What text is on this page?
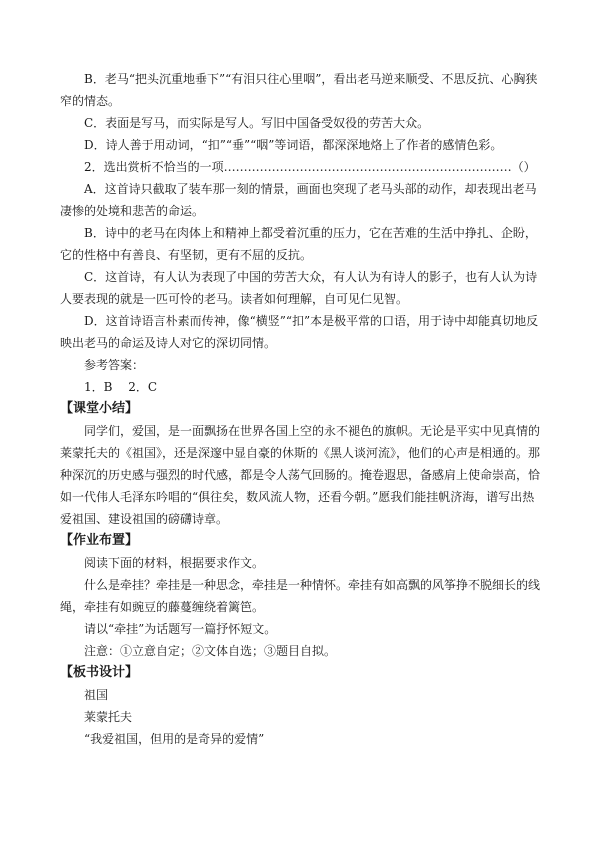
B．老马“把头沉重地垂下”“有泪只往心里咽”，看出老马逆来顺受、不思反抗、心胸狭窄的情态。

C．表面是写马，而实际是写人。写旧中国备受奴役的劳苦大众。

D．诗人善于用动词，“扣”“垂”“咽”等词语，都深深地烙上了作者的感情色彩。

2．选出赏析不恰当的一项………………………………………………………………（）

A．这首诗只截取了装车那一刻的情景，画面也突现了老马头部的动作，却表现出老马凄惨的处境和悲苦的命运。

B．诗中的老马在肉体上和精神上都受着沉重的压力，它在苦难的生活中挣扎、企盼，它的性格中有善良、有坚韧，更有不屈的反抗。

C．这首诗，有人认为表现了中国的劳苦大众，有人认为有诗人的影子，也有人认为诗人要表现的就是一匹可怜的老马。读者如何理解，自可见仁见智。

D．这首诗语言朴素而传神，像“横竖”“扣”本是极平常的口语，用于诗中却能真切地反映出老马的命运及诗人对它的深切同情。

参考答案：

1．B　 2．C

【课堂小结】

同学们，爱国，是一面飘扬在世界各国上空的永不褪色的旗帜。无论是平实中见真情的莱蒙托夫的《祖国》，还是深邃中显自豪的休斯的《黑人谈河流》，他们的心声是相通的。那种深沉的历史感与强烈的时代感，都是令人荡气回肠的。掩卷遐思，备感肩上使命崇高，恰如一代伟人毛泽东吟唱的“俱往矣，数风流人物，还看今朝。”愿我们能挂帆济海，谱写出热爱祖国、建设祖国的磅礴诗章。

【作业布置】

阅读下面的材料，根据要求作文。

什么是牵挂？牵挂是一种思念，牵挂是一种情怀。牵挂有如高飘的风筝挣不脱细长的线绳，牵挂有如豌豆的藤蔓缠绕着篱笆。

请以“牵挂”为话题写一篇抒怀短文。

注意：①立意自定；②文体自选；③题目自拟。

【板书设计】

祖国

莱蒙托夫

“我爱祖国，但用的是奇异的爱情”
